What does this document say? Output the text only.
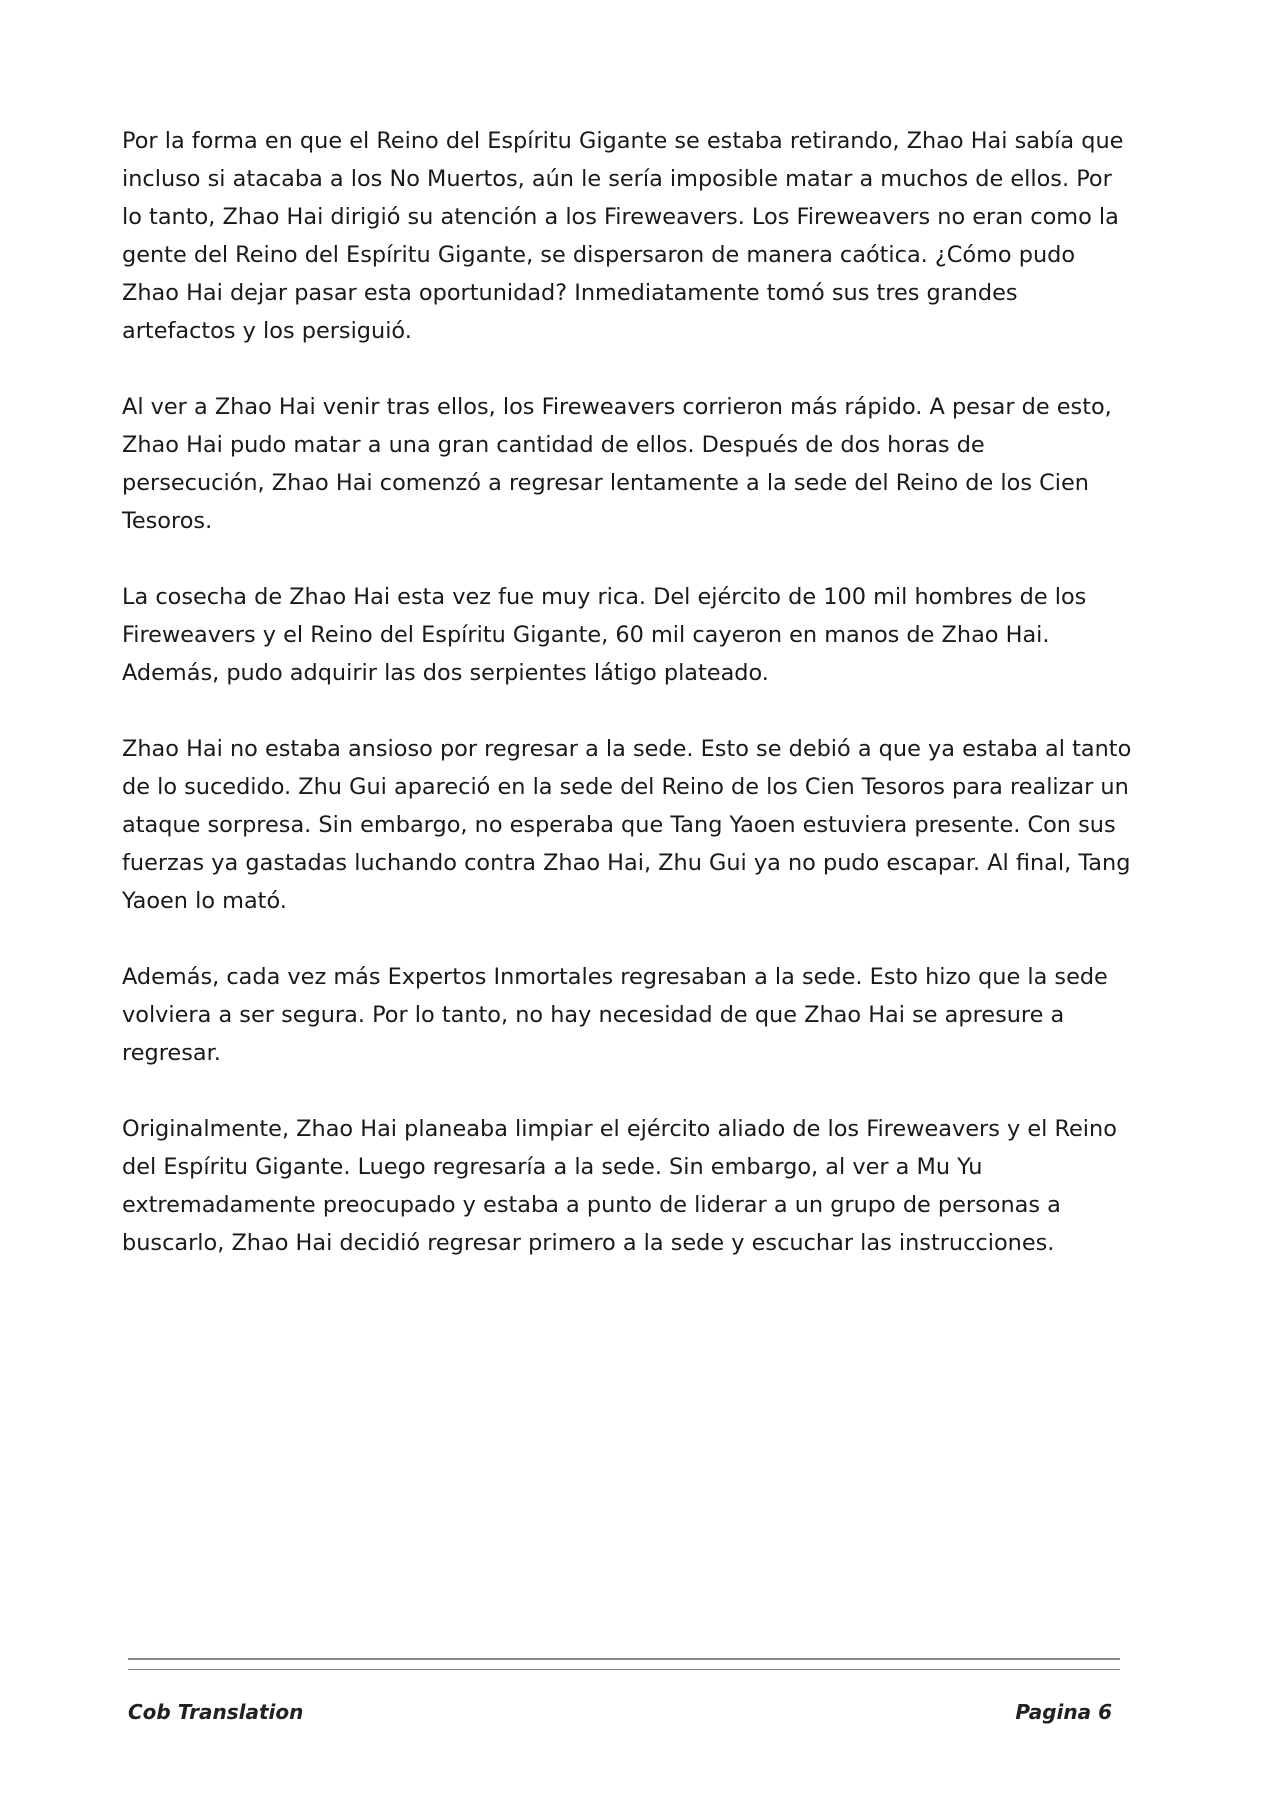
Por la forma en que el Reino del Espíritu Gigante se estaba retirando, Zhao Hai sabía que incluso si atacaba a los No Muertos, aún le sería imposible matar a muchos de ellos. Por lo tanto, Zhao Hai dirigió su atención a los Fireweavers. Los Fireweavers no eran como la gente del Reino del Espíritu Gigante, se dispersaron de manera caótica. ¿Cómo pudo Zhao Hai dejar pasar esta oportunidad? Inmediatamente tomó sus tres grandes artefactos y los persiguió.

Al ver a Zhao Hai venir tras ellos, los Fireweavers corrieron más rápido. A pesar de esto, Zhao Hai pudo matar a una gran cantidad de ellos. Después de dos horas de persecución, Zhao Hai comenzó a regresar lentamente a la sede del Reino de los Cien Tesoros.

La cosecha de Zhao Hai esta vez fue muy rica. Del ejército de 100 mil hombres de los Fireweavers y el Reino del Espíritu Gigante, 60 mil cayeron en manos de Zhao Hai. Además, pudo adquirir las dos serpientes látigo plateado.

Zhao Hai no estaba ansioso por regresar a la sede. Esto se debió a que ya estaba al tanto de lo sucedido. Zhu Gui apareció en la sede del Reino de los Cien Tesoros para realizar un ataque sorpresa. Sin embargo, no esperaba que Tang Yaoen estuviera presente. Con sus fuerzas ya gastadas luchando contra Zhao Hai, Zhu Gui ya no pudo escapar. Al final, Tang Yaoen lo mató.

Además, cada vez más Expertos Inmortales regresaban a la sede. Esto hizo que la sede volviera a ser segura. Por lo tanto, no hay necesidad de que Zhao Hai se apresure a regresar.

Originalmente, Zhao Hai planeaba limpiar el ejército aliado de los Fireweavers y el Reino del Espíritu Gigante. Luego regresaría a la sede. Sin embargo, al ver a Mu Yu extremadamente preocupado y estaba a punto de liderar a un grupo de personas a buscarlo, Zhao Hai decidió regresar primero a la sede y escuchar las instrucciones.

Cob Translation	Pagina 6
